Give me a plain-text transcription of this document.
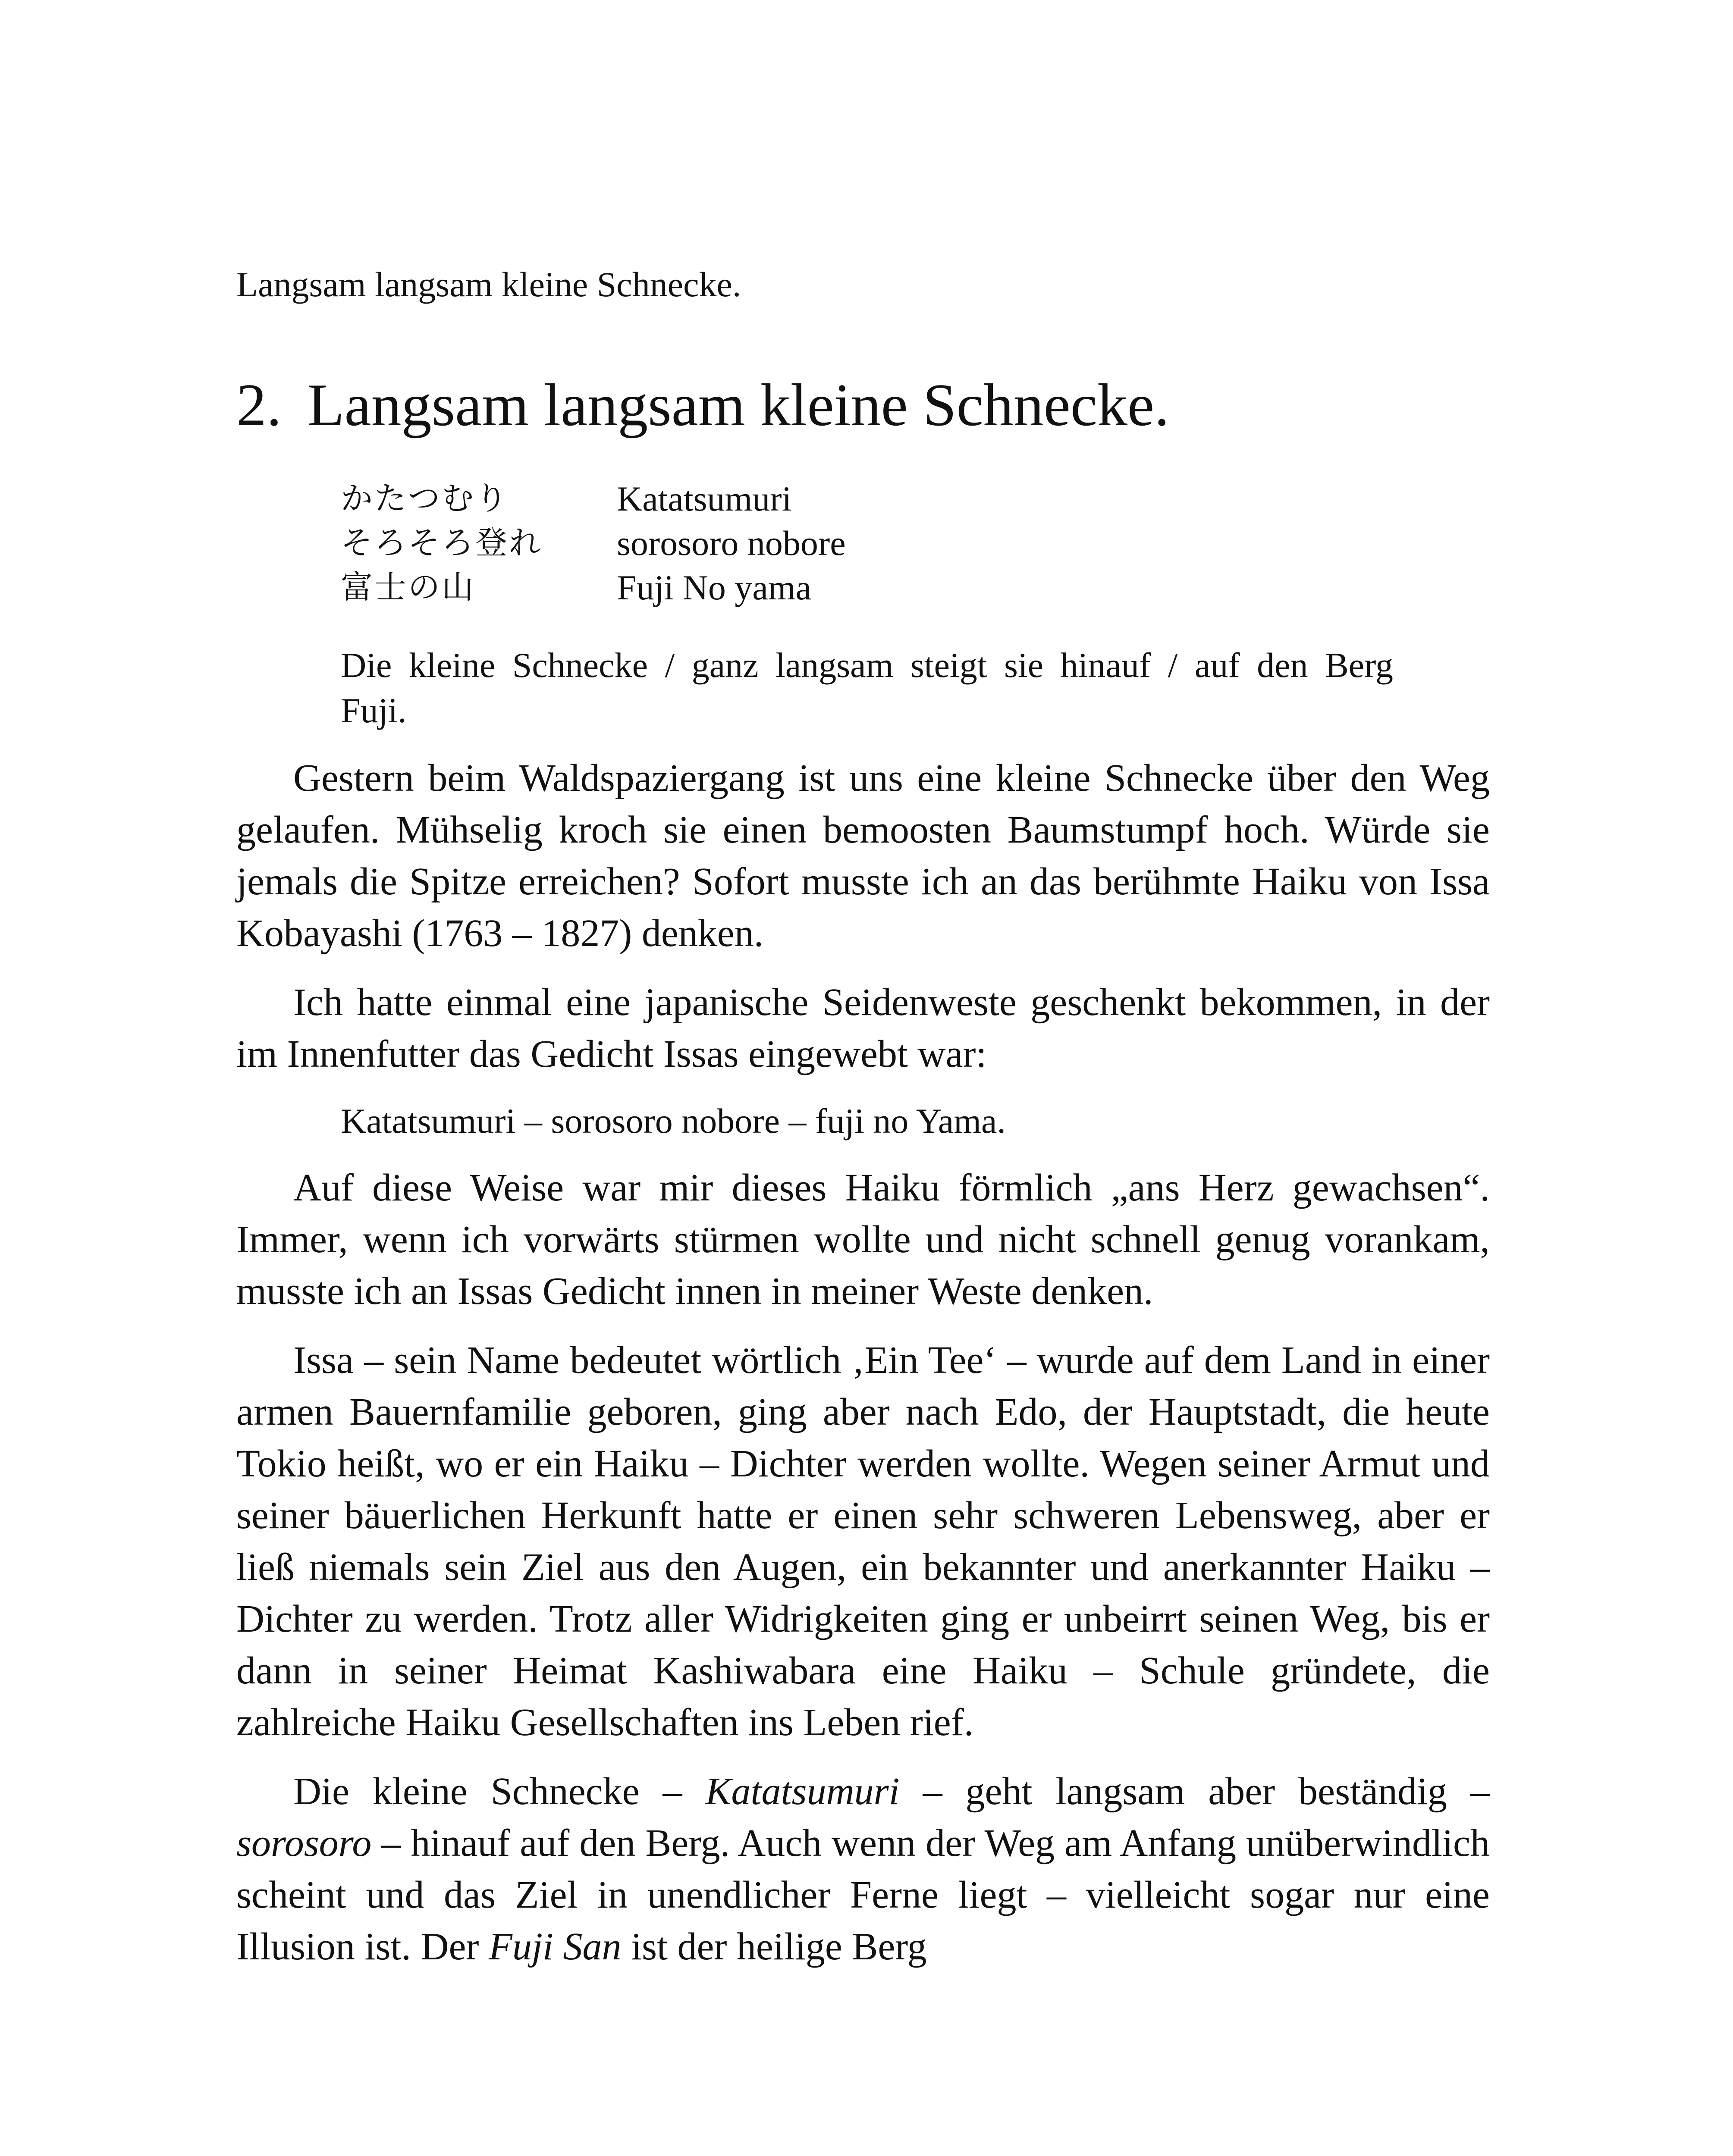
Langsam langsam kleine Schnecke.
2. Langsam langsam kleine Schnecke.
かたつむり	Katatsumuri
そろそろ登れ	sorosoro nobore
富士の山	Fuji No yama

Die kleine Schnecke / ganz langsam steigt sie hinauf / auf den Berg Fuji.

Gestern beim Waldspaziergang ist uns eine kleine Schnecke über den Weg gelaufen. Mühselig kroch sie einen bemoosten Baumstumpf hoch. Würde sie jemals die Spitze erreichen? Sofort musste ich an das berühmte Haiku von Issa Kobayashi (1763 – 1827) denken.

Ich hatte einmal eine japanische Seidenweste geschenkt bekommen, in der im Innenfutter das Gedicht Issas eingewebt war:

Katatsumuri – sorosoro nobore – fuji no Yama.

Auf diese Weise war mir dieses Haiku förmlich „ans Herz gewachsen“. Immer, wenn ich vorwärts stürmen wollte und nicht schnell genug vorankam, musste ich an Issas Gedicht innen in meiner Weste denken.

Issa – sein Name bedeutet wörtlich ‚Ein Tee‘ – wurde auf dem Land in einer armen Bauernfamilie geboren, ging aber nach Edo, der Hauptstadt, die heute Tokio heißt, wo er ein Haiku – Dichter werden wollte. Wegen seiner Armut und seiner bäuerlichen Herkunft hatte er einen sehr schweren Lebensweg, aber er ließ niemals sein Ziel aus den Augen, ein bekannter und anerkannter Haiku – Dichter zu werden. Trotz aller Widrigkeiten ging er unbeirrt seinen Weg, bis er dann in seiner Heimat Kashiwabara eine Haiku – Schule gründete, die zahlreiche Haiku Gesellschaften ins Leben rief.

Die kleine Schnecke – Katatsumuri – geht langsam aber beständig – sorosoro – hinauf auf den Berg. Auch wenn der Weg am Anfang unüberwindlich scheint und das Ziel in unendlicher Ferne liegt – vielleicht sogar nur eine Illusion ist. Der Fuji San ist der heilige Berg
